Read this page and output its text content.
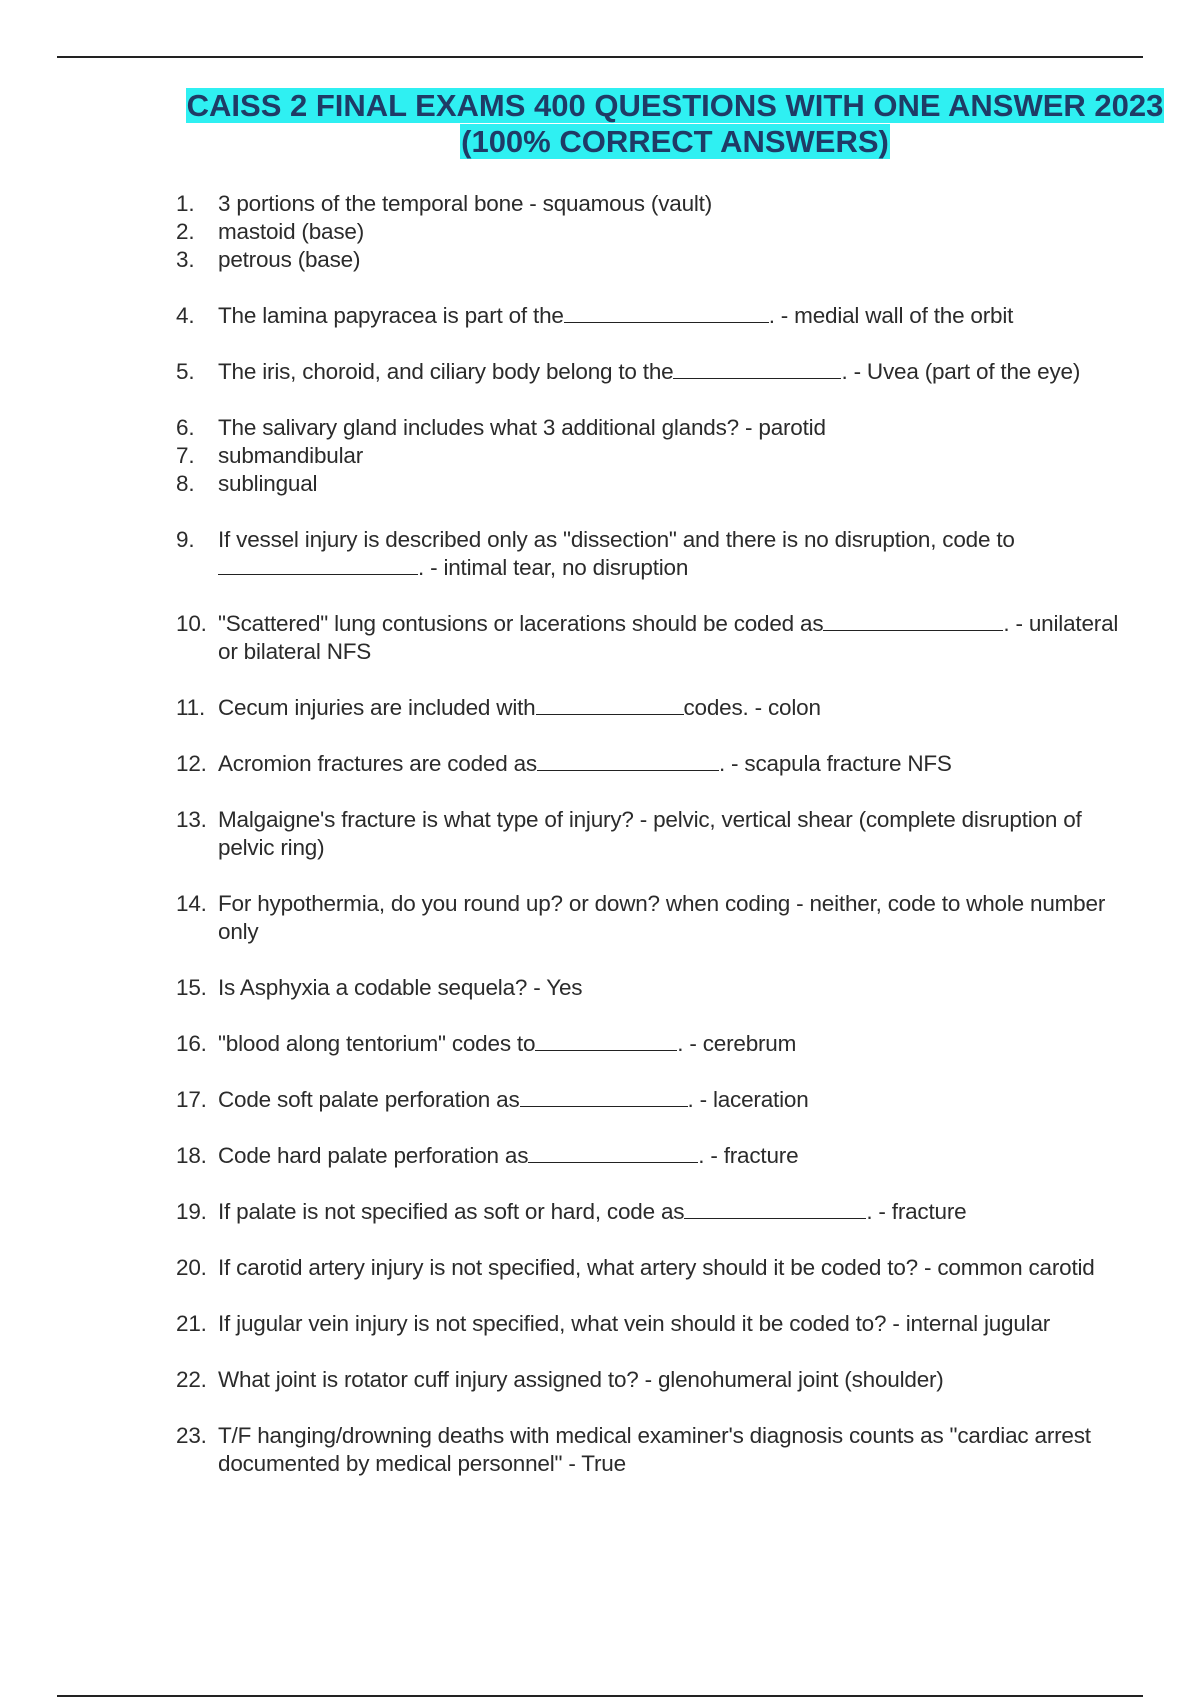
CAISS 2 FINAL EXAMS 400 QUESTIONS WITH ONE ANSWER 2023
(100% CORRECT ANSWERS)
1. 3 portions of the temporal bone - squamous (vault)
2. mastoid (base)
3. petrous (base)
4. The lamina papyracea is part of the	. - medial wall of the orbit
5. The iris, choroid, and ciliary body belong to the	. - Uvea (part of the eye)
6. The salivary gland includes what 3 additional glands? - parotid
7. submandibular
8. sublingual
9. If vessel injury is described only as "dissection" and there is no disruption, code to
. - intimal tear, no disruption
10. "Scattered" lung contusions or lacerations should be coded as	. - unilateral
or bilateral NFS
11. Cecum injuries are included with	codes. - colon
12. Acromion fractures are coded as	. - scapula fracture NFS
13. Malgaigne's fracture is what type of injury? - pelvic, vertical shear (complete disruption of
pelvic ring)
14. For hypothermia, do you round up? or down? when coding - neither, code to whole number
only
15. Is Asphyxia a codable sequela? - Yes
16. "blood along tentorium" codes to	. - cerebrum
17. Code soft palate perforation as	. - laceration
18. Code hard palate perforation as	. - fracture
19. If palate is not specified as soft or hard, code as	. - fracture
20. If carotid artery injury is not specified, what artery should it be coded to? - common carotid
21. If jugular vein injury is not specified, what vein should it be coded to? - internal jugular
22. What joint is rotator cuff injury assigned to? - glenohumeral joint (shoulder)
23. T/F hanging/drowning deaths with medical examiner's diagnosis counts as "cardiac arrest
documented by medical personnel" - True
